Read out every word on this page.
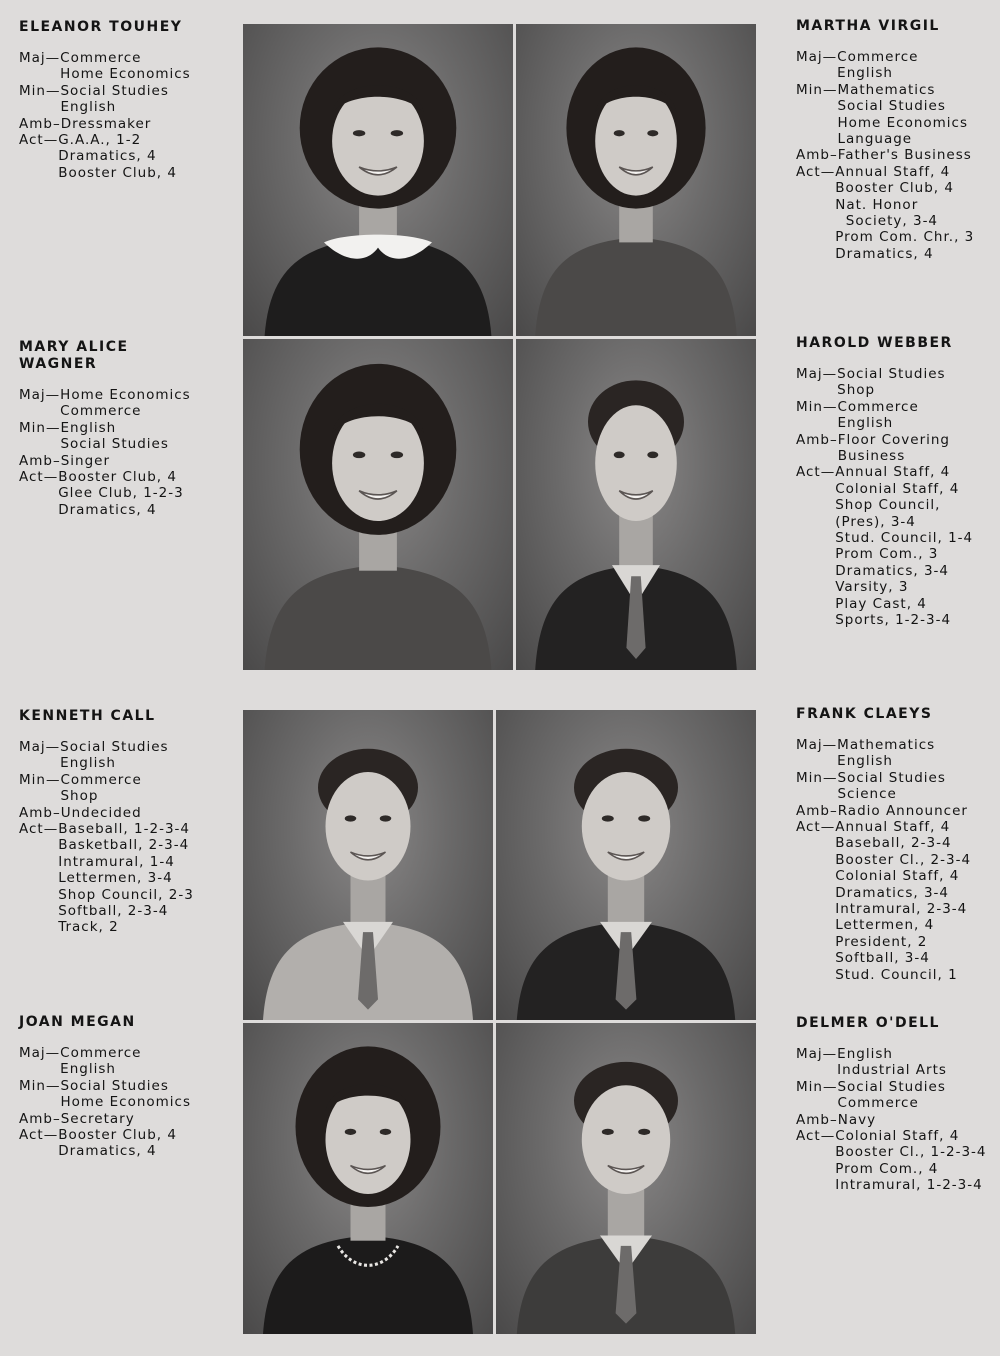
ELEANOR TOUHEY
Maj— Commerce
Home Economics
Min— Social Studies
English
Amb– Dressmaker
Act— G.A.A., 1-2
Dramatics, 4
Booster Club, 4
MARTHA VIRGIL
Maj— Commerce
English
Min— Mathematics
Social Studies
Home Economics
Language
Amb– Father's Business
Act— Annual Staff, 4
Booster Club, 4
Nat. Honor
Society, 3-4
Prom Com. Chr., 3
Dramatics, 4
MARY ALICE
WAGNER
Maj— Home Economics
Commerce
Min— English
Social Studies
Amb– Singer
Act— Booster Club, 4
Glee Club, 1-2-3
Dramatics, 4
HAROLD WEBBER
Maj— Social Studies
Shop
Min— Commerce
English
Amb– Floor Covering
Business
Act— Annual Staff, 4
Colonial Staff, 4
Shop Council,
(Pres), 3-4
Stud. Council, 1-4
Prom Com., 3
Dramatics, 3-4
Varsity, 3
Play Cast, 4
Sports, 1-2-3-4
KENNETH CALL
Maj— Social Studies
English
Min— Commerce
Shop
Amb– Undecided
Act— Baseball, 1-2-3-4
Basketball, 2-3-4
Intramural, 1-4
Lettermen, 3-4
Shop Council, 2-3
Softball, 2-3-4
Track, 2
FRANK CLAEYS
Maj— Mathematics
English
Min— Social Studies
Science
Amb– Radio Announcer
Act— Annual Staff, 4
Baseball, 2-3-4
Booster Cl., 2-3-4
Colonial Staff, 4
Dramatics, 3-4
Intramural, 2-3-4
Lettermen, 4
President, 2
Softball, 3-4
Stud. Council, 1
JOAN MEGAN
Maj— Commerce
English
Min— Social Studies
Home Economics
Amb– Secretary
Act— Booster Club, 4
Dramatics, 4
DELMER O'DELL
Maj— English
Industrial Arts
Min— Social Studies
Commerce
Amb– Navy
Act— Colonial Staff, 4
Booster Cl., 1-2-3-4
Prom Com., 4
Intramural, 1-2-3-4
